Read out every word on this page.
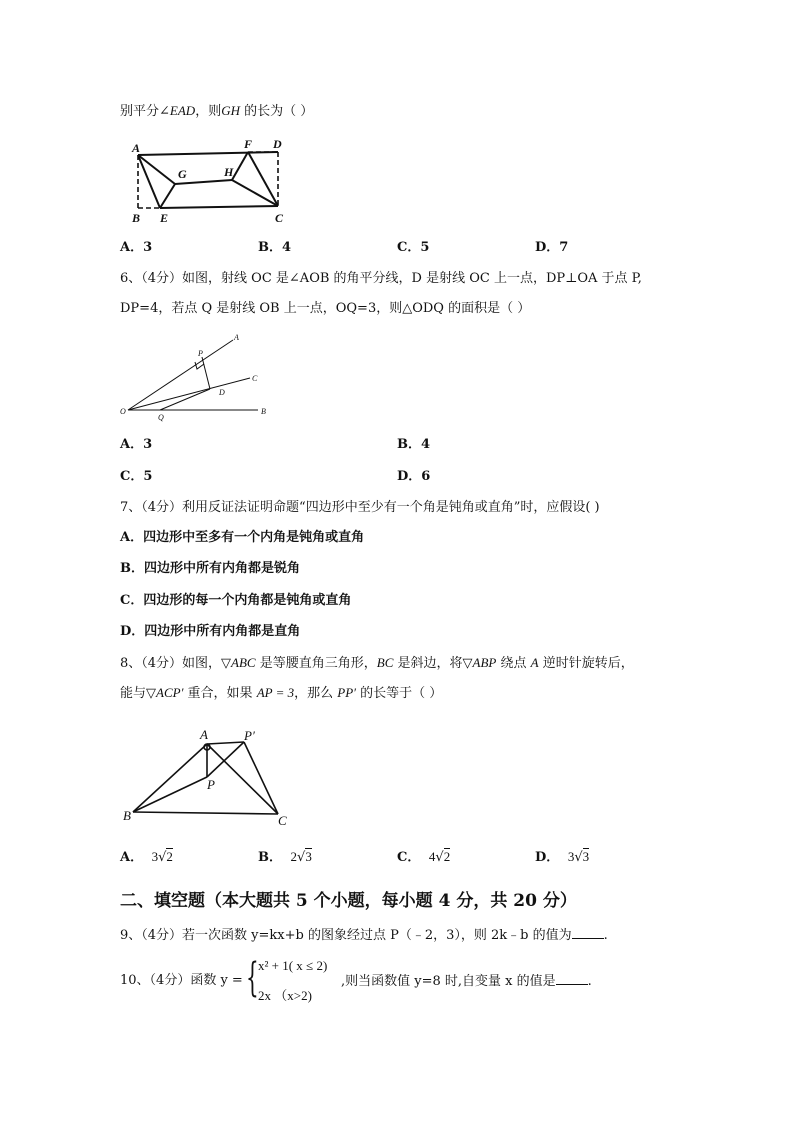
别平分∠EAD，则GH 的长为（ ）
A
B E
G	H
F D
C
A．3	B．4	C．5	D．7
6、（4分）如图，射线 OC 是∠AOB 的角平分线，D 是射线 OC 上一点，DP⊥OA 于点 P,
DP=4，若点 Q 是射线 OB 上一点，OQ=3，则△ODQ 的面积是（ ）
O
A
C
B
D
P
Q
A．3	B．4
C．5	D．6
7、（4分）利用反证法证明命题“四边形中至少有一个角是钝角或直角”时，应假设( )
A．四边形中至多有一个内角是钝角或直角
B．四边形中所有内角都是锐角
C．四边形的每一个内角都是钝角或直角
D．四边形中所有内角都是直角
8、（4分）如图，▽ABC 是等腰直角三角形，BC 是斜边，将▽ABP 绕点 A 逆时针旋转后，
能与▽ACP′ 重合，如果 AP = 3，那么 PP′ 的长等于（ ）
A	P′
P
B	C
A． 3√2	B． 2√3	C． 4√2	D． 3√3
二、填空题（本大题共 5 个小题，每小题 4 分，共 20 分）
9、（4分）若一次函数 y=kx+b 的图象经过点 P（﹣2，3），则 2k﹣b 的值为 .
10、（4分）函数 y = { x² + 1( x ≤ 2)
2x （x>2)
,则当函数值 y=8 时,自变量 x 的值是 .
